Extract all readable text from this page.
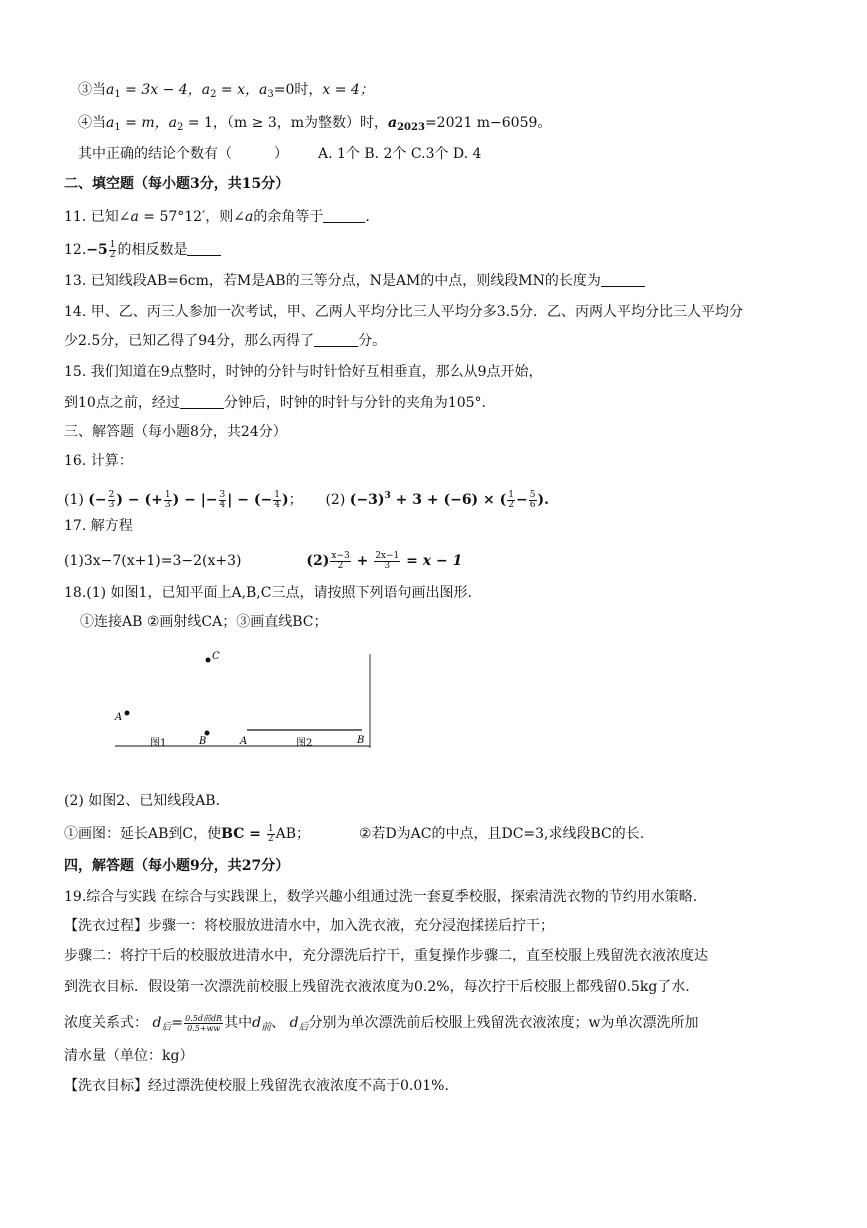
③当$a_1 = 3x - 4$，$a_2 = x$，$a_3=0$时，x = 4；
④当$a_1 = m$，$a_2 = 1$，（m ≥ 3，m为整数）时，$a_{2023}=2021$ m−6059。
其中正确的结论个数有（　　　） A. 1个 B. 2个 C.3个 D. 4
二、填空题（每小题3分，共15分）
11. 已知∠a = 57°12′，则∠a的余角等于	.
$12.-5 \frac{1}{2}$ 的相反数是
13. 已知线段AB=6cm，若M是AB的三等分点，N是AM的中点，则线段MN的长度为
14. 甲、乙、丙三人参加一次考试，甲、乙两人平均分比三人平均分多3.5分．乙、丙两人平均分比三人平均分
少2.5分，已知乙得了94分，那么丙得了	分。
15. 我们知道在9点整时，时钟的分针与时针恰好互相垂直，那么从9点开始，
到10点之前，经过	分钟后，时钟的时针与分针的夹角为105°．
三、解答题（每小题8分，共24分）
16. 计算：
(1) (− $\frac{2}{3}$ ) − (+ $\frac{1}{3}$ ) − |− $\frac{3}{4}$ | − (− $\frac{1}{4}$ )； (2) $(-3)^3 + 3 + (-6)$ × ( $\frac{1}{2} - \frac{5}{6}$ ).
17. 解方程
(1)3x−7(x+1)=3−2(x+3)	$(2) \frac{x-3}{2} + \frac{2x-1}{3} = x - 1$
18.(1) 如图1，已知平面上A,B,C三点，请按照下列语句画出图形.
①连接AB ②画射线CA；③画直线BC；
C
A
B
图1	A	图2	B
(2) 如图2、已知线段AB.
①画图：延长AB到C，使BC = $\frac{1}{2}$ AB；	②若D为AC的中点，且DC=3,求线段BC的长.
四，解答题（每小题9分，共27分）
19.综合与实践 在综合与实践课上，数学兴趣小组通过洗一套夏季校服，探索清洗衣物的节约用水策略.
【洗衣过程】步骤一：将校服放进清水中，加入洗衣液，充分浸泡揉搓后拧干；
步骤二：将拧干后的校服放进清水中，充分漂洗后拧干，重复操作步骤二，直至校服上残留洗衣液浓度达
到洗衣目标．假设第一次漂洗前校服上残留洗衣液浓度为0.2%，每次拧干后校服上都残留0.5kg了水.
浓度关系式： $d_后= \frac{\text{0.5d前dR}}{0.5+ww}$ 其中$d_前$、 $d_后$分别为单次漂洗前后校服上残留洗衣液浓度；w为单次漂洗所加
清水量（单位：kg）
【洗衣目标】经过漂洗使校服上残留洗衣液浓度不高于0.01%.
